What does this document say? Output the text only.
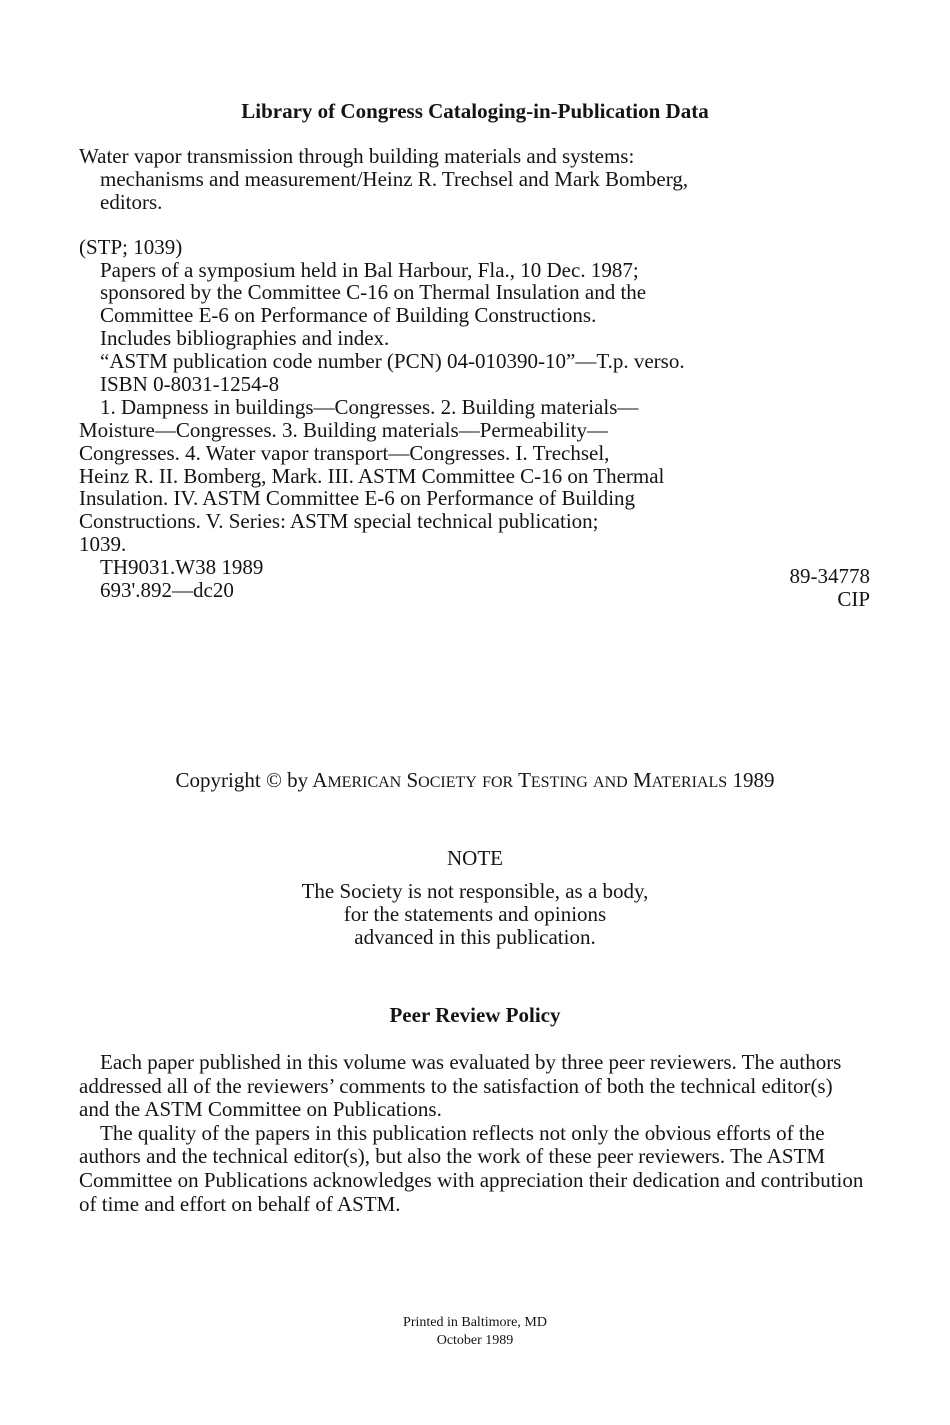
Library of Congress Cataloging-in-Publication Data
Water vapor transmission through building materials and systems:
mechanisms and measurement/Heinz R. Trechsel and Mark Bomberg,
editors.
(STP; 1039)
Papers of a symposium held in Bal Harbour, Fla., 10 Dec. 1987;
sponsored by the Committee C-16 on Thermal Insulation and the
Committee E-6 on Performance of Building Constructions.
Includes bibliographies and index.
“ASTM publication code number (PCN) 04-010390-10”—T.p. verso.
ISBN 0-8031-1254-8
1. Dampness in buildings—Congresses. 2. Building materials—
Moisture—Congresses. 3. Building materials—Permeability—
Congresses. 4. Water vapor transport—Congresses. I. Trechsel,
Heinz R. II. Bomberg, Mark. III. ASTM Committee C-16 on Thermal
Insulation. IV. ASTM Committee E-6 on Performance of Building
Constructions. V. Series: ASTM special technical publication;
1039.
TH9031.W38 1989
693'.892—dc20
89-34778
CIP
Copyright © by AMERICAN SOCIETY FOR TESTING AND MATERIALS 1989
NOTE
The Society is not responsible, as a body,
for the statements and opinions
advanced in this publication.
Peer Review Policy
Each paper published in this volume was evaluated by three peer reviewers. The authors
addressed all of the reviewers’ comments to the satisfaction of both the technical editor(s)
and the ASTM Committee on Publications.
The quality of the papers in this publication reflects not only the obvious efforts of the
authors and the technical editor(s), but also the work of these peer reviewers. The ASTM
Committee on Publications acknowledges with appreciation their dedication and contribution
of time and effort on behalf of ASTM.
Printed in Baltimore, MD
October 1989
